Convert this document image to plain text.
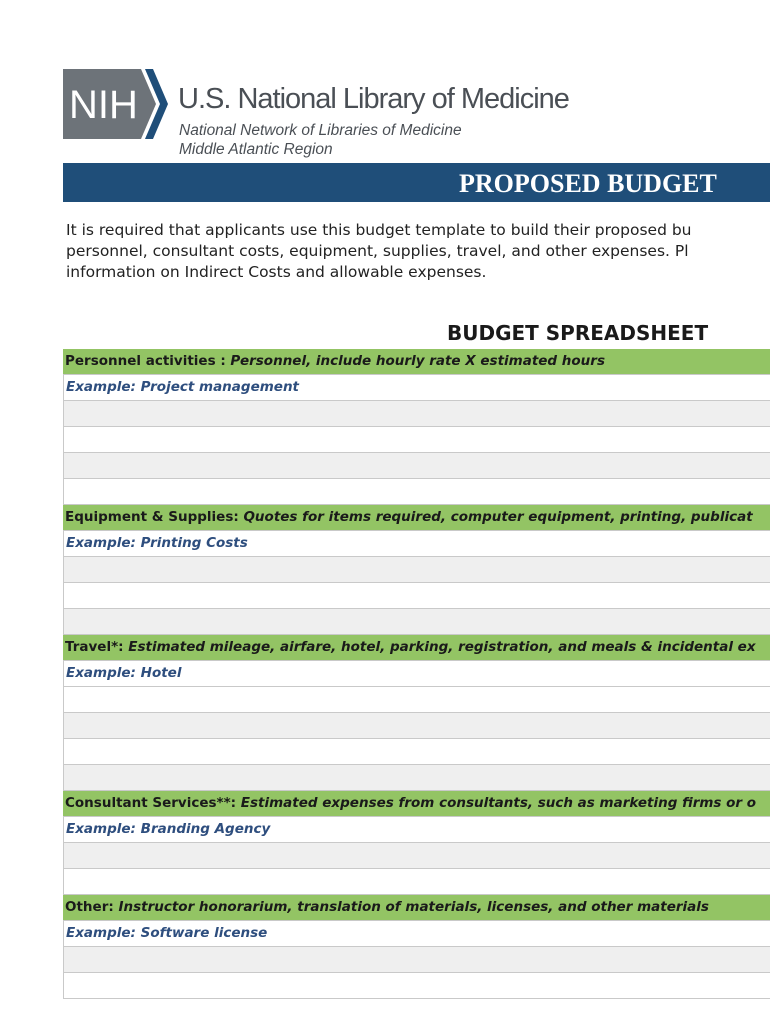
NIH U.S. National Library of Medicine
National Network of Libraries of Medicine
Middle Atlantic Region
PROPOSED BUDGET
It is required that applicants use this budget template to build their proposed bu
personnel, consultant costs, equipment, supplies, travel, and other expenses. Pl
information on Indirect Costs and allowable expenses.
BUDGET SPREADSHEET
Personnel activities : Personnel, include hourly rate X estimated hours
Example: Project management
Equipment & Supplies: Quotes for items required, computer equipment, printing, publicat
Example: Printing Costs
Travel*: Estimated mileage, airfare, hotel, parking, registration, and meals & incidental ex
Example: Hotel
Consultant Services**: Estimated expenses from consultants, such as marketing firms or o
Example: Branding Agency
Other: Instructor honorarium, translation of materials, licenses, and other materials
Example: Software license
